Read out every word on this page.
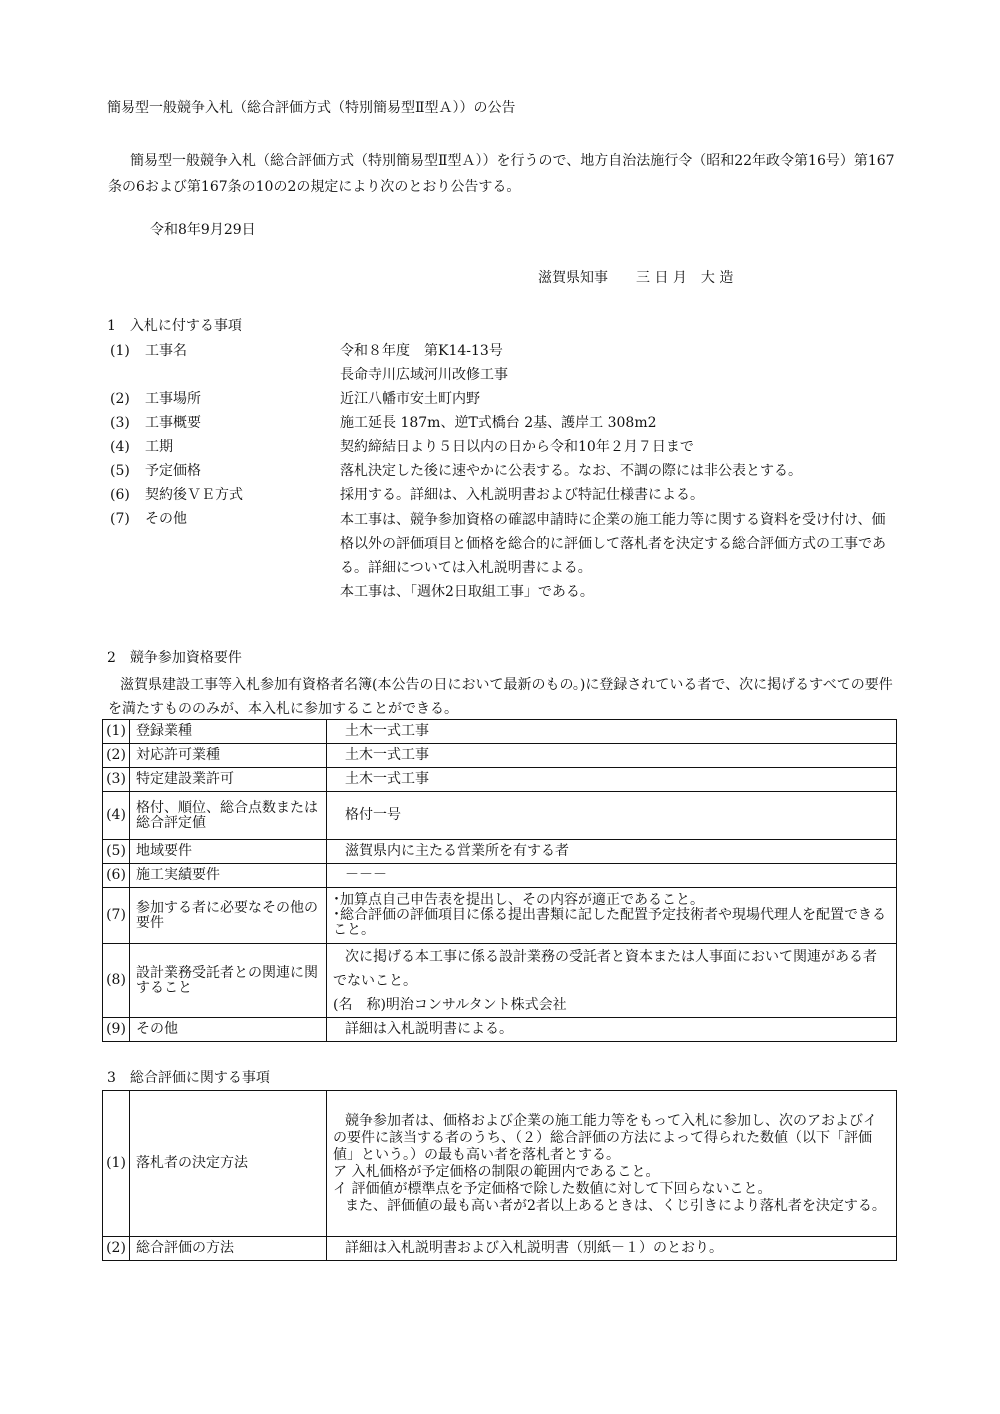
簡易型一般競争入札（総合評価方式（特別簡易型Ⅱ型Ａ））の公告
簡易型一般競争入札（総合評価方式（特別簡易型Ⅱ型Ａ））を行うので、地方自治法施行令（昭和22年政令第16号）第167条の6および第167条の10の2の規定により次のとおり公告する。
令和8年9月29日
滋賀県知事　　三 日 月　大 造
1　入札に付する事項
(1) 工事名	令和８年度　第K14-13号
長命寺川広域河川改修工事
(2) 工事場所	近江八幡市安土町内野
(3) 工事概要	施工延長 187m、逆T式橋台 2基、護岸工 308m2
(4) 工期	契約締結日より５日以内の日から令和10年２月７日まで
(5) 予定価格	落札決定した後に速やかに公表する。なお、不調の際には非公表とする。
(6) 契約後ＶＥ方式	採用する。詳細は、入札説明書および特記仕様書による。
(7) その他	本工事は、競争参加資格の確認申請時に企業の施工能力等に関する資料を受け付け、価格以外の評価項目と価格を総合的に評価して落札者を決定する総合評価方式の工事である。詳細については入札説明書による。
本工事は、「週休2日取組工事」である。
2　競争参加資格要件
滋賀県建設工事等入札参加有資格者名簿(本公告の日において最新のもの。)に登録されている者で、次に掲げるすべての要件を満たすもののみが、本入札に参加することができる。
(1)	登録業種	土木一式工事

(2)	対応許可業種	土木一式工事

(3)	特定建設業許可	土木一式工事

(4)	格付、順位、総合点数または総合評定値	格付一号

(5)	地域要件	滋賀県内に主たる営業所を有する者

(6)	施工実績要件	－－－

(7)	参加する者に必要なその他の要件	･加算点自己申告表を提出し、その内容が適正であること。
･総合評価の評価項目に係る提出書類に記した配置予定技術者や現場代理人を配置できること。

(8)	設計業務受託者との関連に関すること	次に掲げる本工事に係る設計業務の受託者と資本または人事面において関連がある者でないこと。
(名　称)明治コンサルタント株式会社

(9)	その他	詳細は入札説明書による。
3　総合評価に関する事項
(1)	落札者の決定方法	競争参加者は、価格および企業の施工能力等をもって入札に参加し、次のアおよびイの要件に該当する者のうち、（２）総合評価の方法によって得られた数値（以下「評価値」という。）の最も高い者を落札者とする。
ア 入札価格が予定価格の制限の範囲内であること。
イ 評価値が標準点を予定価格で除した数値に対して下回らないこと。
また、評価値の最も高い者が2者以上あるときは、くじ引きにより落札者を決定する。

(2)	総合評価の方法	詳細は入札説明書および入札説明書（別紙－１）のとおり。
